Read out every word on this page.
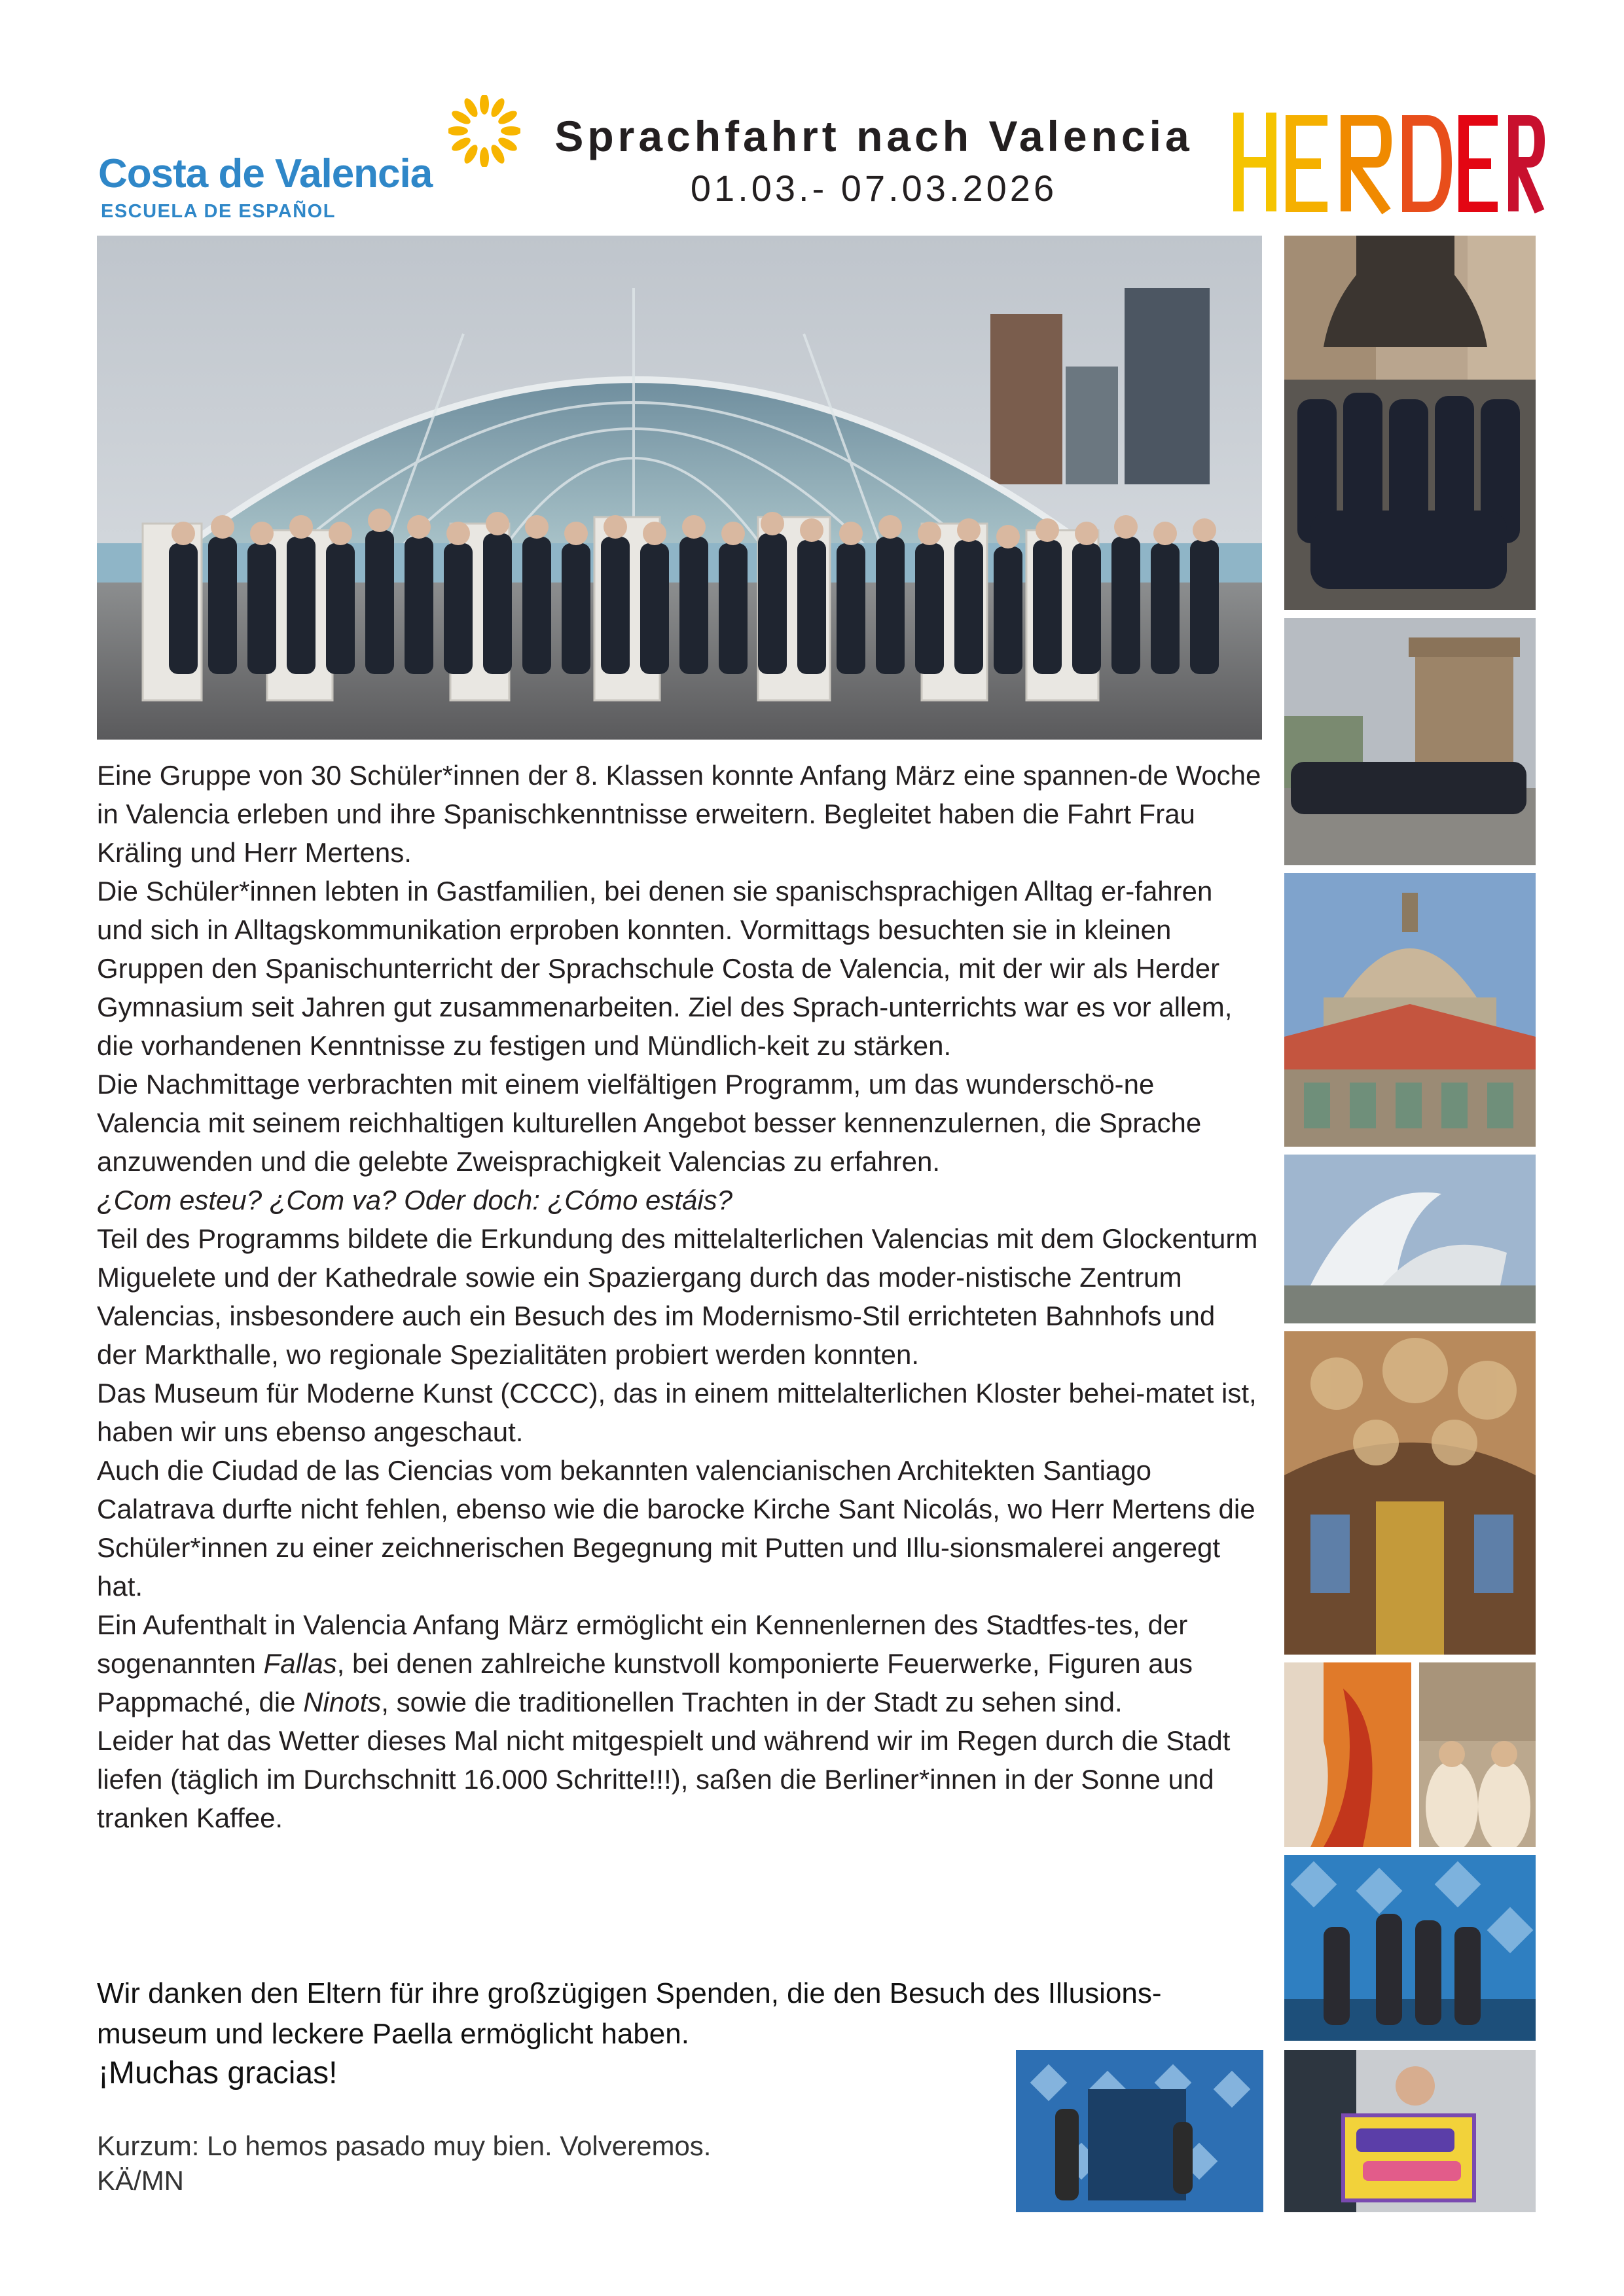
Costa de Valencia
ESCUELA DE ESPAÑOL
Sprachfahrt nach Valencia
01.03.- 07.03.2026

Eine Gruppe von 30 Schüler*innen der 8. Klassen konnte Anfang März eine spannen-de Woche in Valencia erleben und ihre Spanischkenntnisse erweitern. Begleitet haben die Fahrt Frau Kräling und Herr Mertens.

Die Schüler*innen lebten in Gastfamilien, bei denen sie spanischsprachigen Alltag er-fahren und sich in Alltagskommunikation erproben konnten. Vormittags besuchten sie in kleinen Gruppen den Spanischunterricht der Sprachschule Costa de Valencia, mit der wir als Herder Gymnasium seit Jahren gut zusammenarbeiten. Ziel des Sprach-unterrichts war es vor allem, die vorhandenen Kenntnisse zu festigen und Mündlich-keit zu stärken.

Die Nachmittage verbrachten mit einem vielfältigen Programm, um das wunderschö-ne Valencia mit seinem reichhaltigen kulturellen Angebot besser kennenzulernen, die Sprache anzuwenden und die gelebte Zweisprachigkeit Valencias zu erfahren.

¿Com esteu? ¿Com va? Oder doch: ¿Cómo estáis?

Teil des Programms bildete die Erkundung des mittelalterlichen Valencias mit dem Glockenturm Miguelete und der Kathedrale sowie ein Spaziergang durch das moder-nistische Zentrum Valencias, insbesondere auch ein Besuch des im Modernismo-Stil errichteten Bahnhofs und der Markthalle, wo regionale Spezialitäten probiert werden konnten.

Das Museum für Moderne Kunst (CCCC), das in einem mittelalterlichen Kloster behei-matet ist, haben wir uns ebenso angeschaut.

Auch die Ciudad de las Ciencias vom bekannten valencianischen Architekten Santiago Calatrava durfte nicht fehlen, ebenso wie die barocke Kirche Sant Nicolás, wo Herr Mertens die Schüler*innen zu einer zeichnerischen Begegnung mit Putten und Illu-sionsmalerei angeregt hat.

Ein Aufenthalt in Valencia Anfang März ermöglicht ein Kennenlernen des Stadtfes-tes, der sogenannten Fallas, bei denen zahlreiche kunstvoll komponierte Feuerwerke, Figuren aus Pappmaché, die Ninots, sowie die traditionellen Trachten in der Stadt zu sehen sind.

Leider hat das Wetter dieses Mal nicht mitgespielt und während wir im Regen durch die Stadt liefen (täglich im Durchschnitt 16.000 Schritte!!!), saßen die Berliner*innen in der Sonne und tranken Kaffee.

Wir danken den Eltern für ihre großzügigen Spenden, die den Besuch des Illusions-museum und leckere Paella ermöglicht haben.
¡Muchas gracias!
Kurzum: Lo hemos pasado muy bien. Volveremos.
KÄ/MN
